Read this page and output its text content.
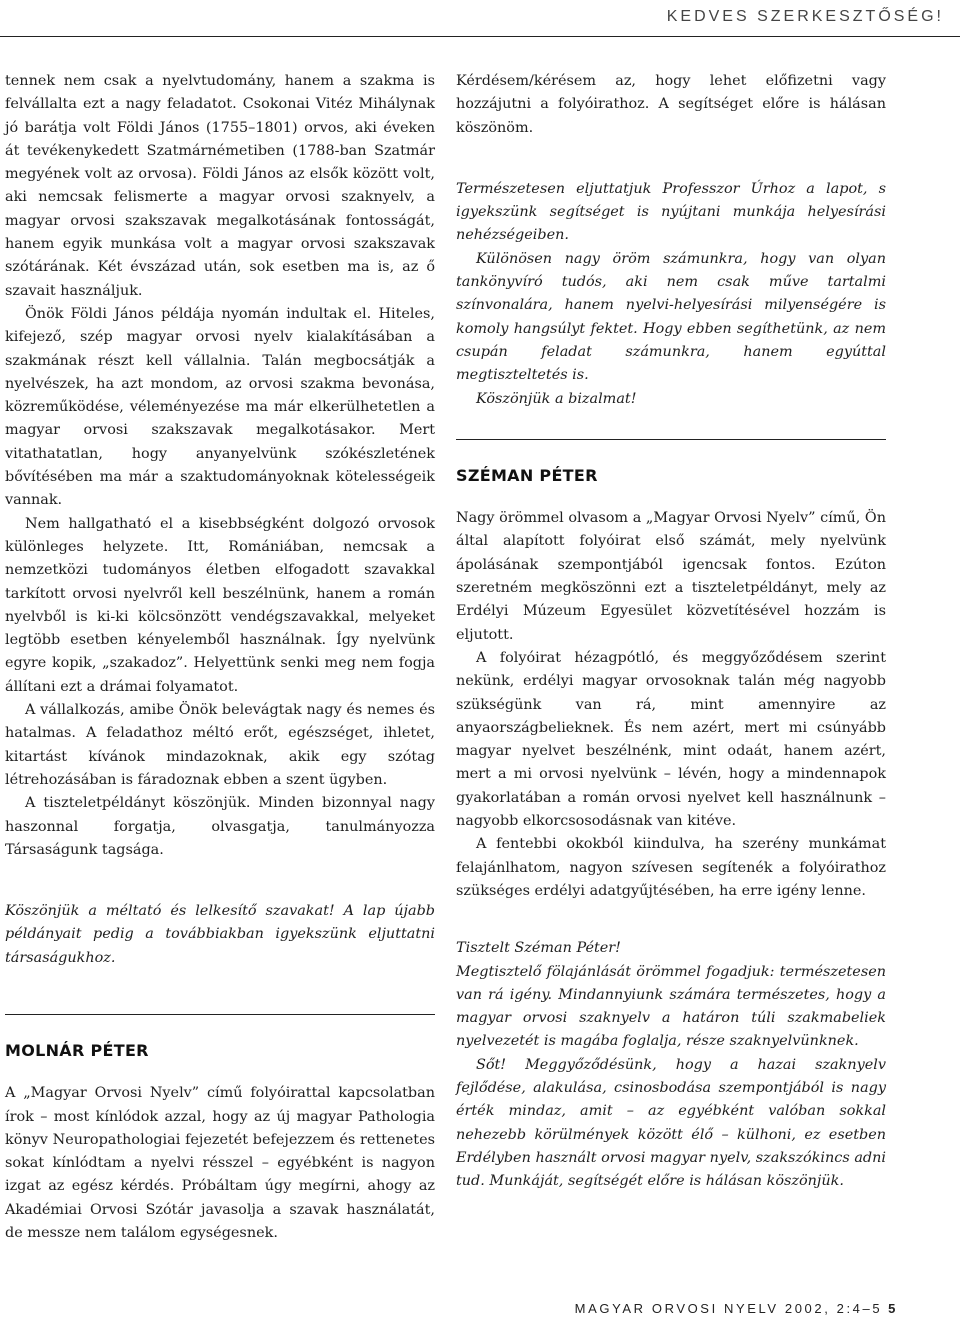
KEDVES SZERKESZTŐSÉG!

tennek nem csak a nyelvtudomány, hanem a szakma is felvállalta ezt a nagy feladatot. Csokonai Vitéz Mihálynak jó barátja volt Földi János (1755–1801) orvos, aki éveken át tevékenykedett Szatmárnémetiben (1788-ban Szatmár megyének volt az orvosa). Földi János az elsők között volt, aki nemcsak felismerte a magyar orvosi szaknyelv, a magyar orvosi szakszavak megalkotásának fontosságát, hanem egyik munkása volt a magyar orvosi szakszavak szótárának. Két évszázad után, sok esetben ma is, az ő szavait használjuk.

Önök Földi János példája nyomán indultak el. Hiteles, kifejező, szép magyar orvosi nyelv kialakításában a szakmának részt kell vállalnia. Talán megbocsátják a nyelvészek, ha azt mondom, az orvosi szakma bevonása, közreműködése, véleményezése ma már elkerülhetetlen a magyar orvosi szakszavak megalkotásakor. Mert vitathatatlan, hogy anyanyelvünk szókészletének bővítésében ma már a szaktudományoknak kötelességeik vannak.

Nem hallgatható el a kisebbségként dolgozó orvosok különleges helyzete. Itt, Romániában, nemcsak a nemzetközi tudományos életben elfogadott szavakkal tarkított orvosi nyelvről kell beszélnünk, hanem a román nyelvből is ki-ki kölcsönzött vendégszavakkal, melyeket legtöbb esetben kényelemből használnak. Így nyelvünk egyre kopik, „szakadoz”. Helyettünk senki meg nem fogja állítani ezt a drámai folyamatot.

A vállalkozás, amibe Önök belevágtak nagy és nemes és hatalmas. A feladathoz méltó erőt, egészséget, ihletet, kitartást kívánok mindazoknak, akik egy szótag létrehozásában is fáradoznak ebben a szent ügyben.

A tiszteletpéldányt köszönjük. Minden bizonnyal nagy haszonnal forgatja, olvasgatja, tanulmányozza Társaságunk tagsága.

Köszönjük a méltató és lelkesítő szavakat! A lap újabb példányait pedig a továbbiakban igyekszünk eljuttatni társaságukhoz.

MOLNÁR PÉTER

A „Magyar Orvosi Nyelv” című folyóirattal kapcsolatban írok – most kínlódok azzal, hogy az új magyar Pathologia könyv Neuropathologiai fejezetét befejezzem és rettenetes sokat kínlódtam a nyelvi résszel – egyébként is nagyon izgat az egész kérdés. Próbáltam úgy megírni, ahogy az Akadémiai Orvosi Szótár javasolja a szavak használatát, de messze nem találom egységesnek.

Kérdésem/kérésem az, hogy lehet előfizetni vagy hozzájutni a folyóirathoz. A segítséget előre is hálásan köszönöm.

Természetesen eljuttatjuk Professzor Úrhoz a lapot, s igyekszünk segítséget is nyújtani munkája helyesírási nehézségeiben.

Különösen nagy öröm számunkra, hogy van olyan tankönyvíró tudós, aki nem csak műve tartalmi színvonalára, hanem nyelvi-helyesírási milyenségére is komoly hangsúlyt fektet. Hogy ebben segíthetünk, az nem csupán feladat számunkra, hanem egyúttal megtiszteltetés is.

Köszönjük a bizalmat!

SZÉMAN PÉTER

Nagy örömmel olvasom a „Magyar Orvosi Nyelv” című, Ön által alapított folyóirat első számát, mely nyelvünk ápolásának szempontjából igencsak fontos. Ezúton szeretném megköszönni ezt a tiszteletpéldányt, mely az Erdélyi Múzeum Egyesület közvetítésével hozzám is eljutott.

A folyóirat hézagpótló, és meggyőződésem szerint nekünk, erdélyi magyar orvosoknak talán még nagyobb szükségünk van rá, mint amennyire az anyaországbelieknek. És nem azért, mert mi csúnyább magyar nyelvet beszélnénk, mint odaát, hanem azért, mert a mi orvosi nyelvünk – lévén, hogy a mindennapok gyakorlatában a román orvosi nyelvet kell használnunk – nagyobb elkorcsosodásnak van kitéve.

A fentebbi okokból kiindulva, ha szerény munkámat felajánlhatom, nagyon szívesen segítenék a folyóirathoz szükséges erdélyi adatgyűjtésében, ha erre igény lenne.

Tisztelt Széman Péter!

Megtisztelő fölajánlását örömmel fogadjuk: természetesen van rá igény. Mindannyiunk számára természetes, hogy a magyar orvosi szaknyelv a határon túli szakmabeliek nyelvezetét is magába foglalja, része szaknyelvünknek.

Sőt! Meggyőződésünk, hogy a hazai szaknyelv fejlődése, alakulása, csinosbodása szempontjából is nagy érték mindaz, amit – az egyébként valóban sokkal nehezebb körülmények között élő – külhoni, ez esetben Erdélyben használt orvosi magyar nyelv, szakszókincs adni tud. Munkáját, segítségét előre is hálásan köszönjük.

MAGYAR ORVOSI NYELV 2002, 2:4–5 5
